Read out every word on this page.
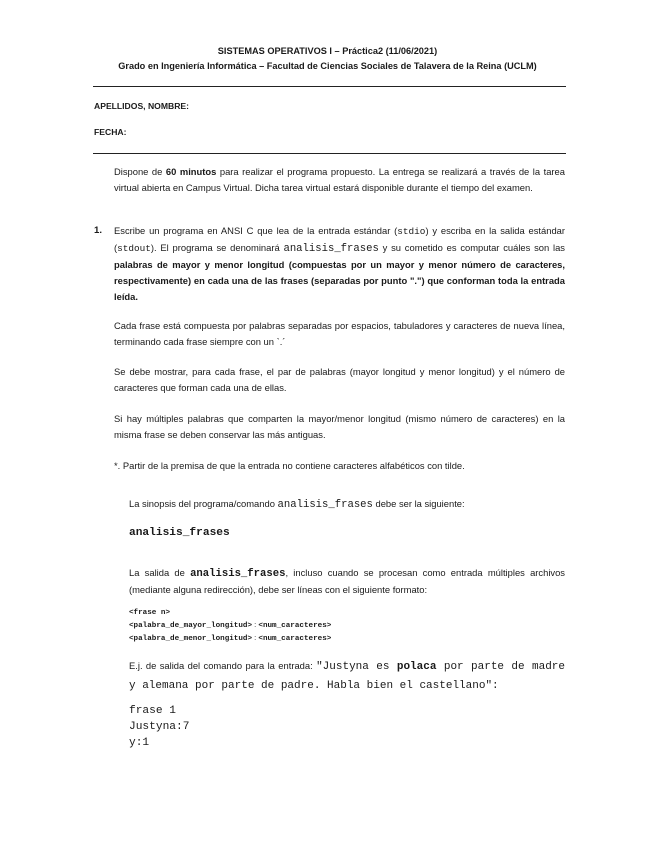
SISTEMAS OPERATIVOS I – Práctica2 (11/06/2021)
Grado en Ingeniería Informática – Facultad de Ciencias Sociales de Talavera de la Reina (UCLM)
APELLIDOS, NOMBRE:
FECHA:
Dispone de 60 minutos para realizar el programa propuesto. La entrega se realizará a través de la tarea virtual abierta en Campus Virtual. Dicha tarea virtual estará disponible durante el tiempo del examen.
1. Escribe un programa en ANSI C que lea de la entrada estándar (stdio) y escriba en la salida estándar (stdout). El programa se denominará analisis_frases y su cometido es computar cuáles son las palabras de mayor y menor longitud (compuestas por un mayor y menor número de caracteres, respectivamente) en cada una de las frases (separadas por punto ".") que conforman toda la entrada leída.
Cada frase está compuesta por palabras separadas por espacios, tabuladores y caracteres de nueva línea, terminando cada frase siempre con un `.´
Se debe mostrar, para cada frase, el par de palabras (mayor longitud y menor longitud) y el número de caracteres que forman cada una de ellas.
Si hay múltiples palabras que comparten la mayor/menor longitud (mismo número de caracteres) en la misma frase se deben conservar las más antiguas.
*. Partir de la premisa de que la entrada no contiene caracteres alfabéticos con tilde.
La sinopsis del programa/comando analisis_frases debe ser la siguiente:
analisis_frases
La salida de analisis_frases, incluso cuando se procesan como entrada múltiples archivos (mediante alguna redirección), debe ser líneas con el siguiente formato:
<frase n>
<palabra_de_mayor_longitud> : <num_caracteres>
<palabra_de_menor_longitud> : <num_caracteres>
E.j. de salida del comando para la entrada: "Justyna es polaca por parte de madre y alemana por parte de padre. Habla bien el castellano":
frase 1
Justyna:7
y:1
